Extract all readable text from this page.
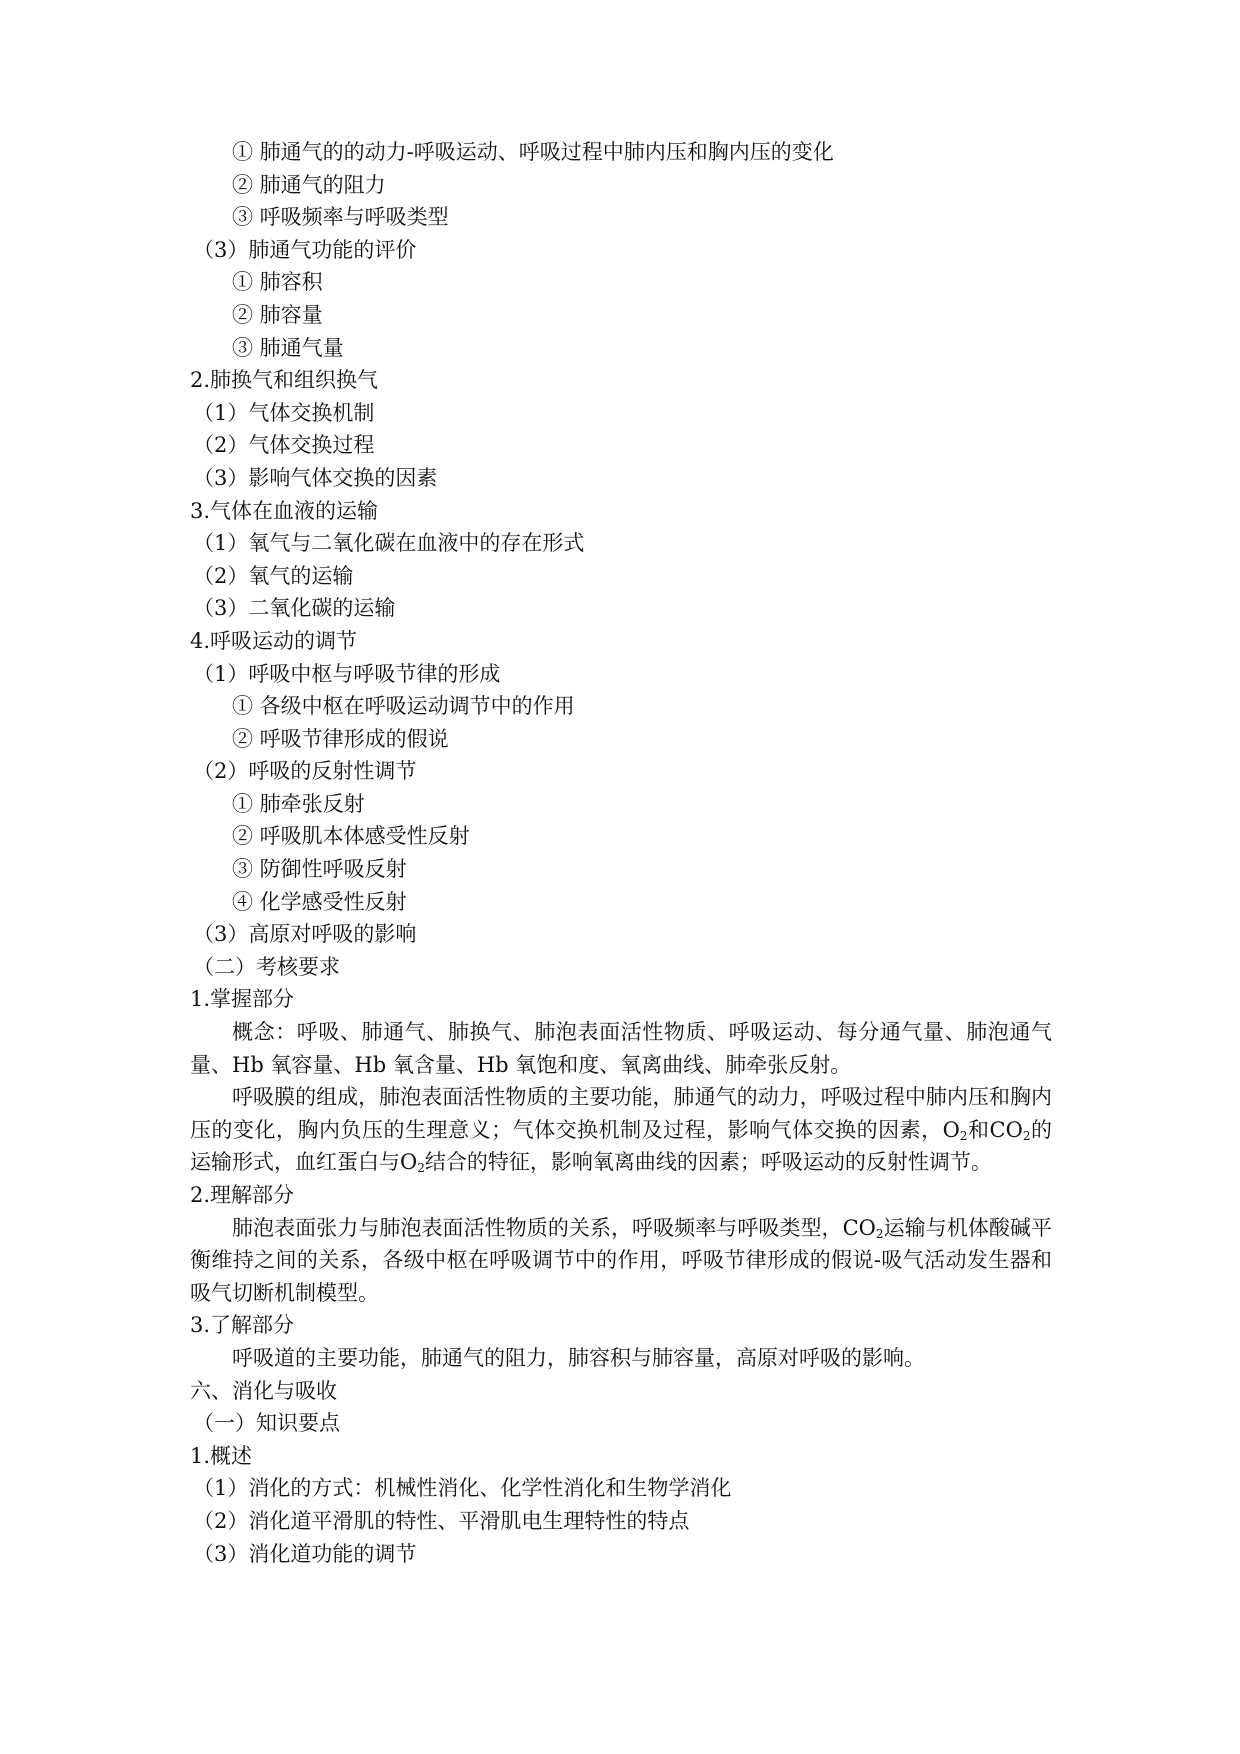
① 肺通气的的动力-呼吸运动、呼吸过程中肺内压和胸内压的变化
② 肺通气的阻力
③ 呼吸频率与呼吸类型
（3）肺通气功能的评价
① 肺容积
② 肺容量
③ 肺通气量
2.肺换气和组织换气
（1）气体交换机制
（2）气体交换过程
（3）影响气体交换的因素
3.气体在血液的运输
（1）氧气与二氧化碳在血液中的存在形式
（2）氧气的运输
（3）二氧化碳的运输
4.呼吸运动的调节
（1）呼吸中枢与呼吸节律的形成
① 各级中枢在呼吸运动调节中的作用
② 呼吸节律形成的假说
（2）呼吸的反射性调节
① 肺牵张反射
② 呼吸肌本体感受性反射
③ 防御性呼吸反射
④ 化学感受性反射
（3）高原对呼吸的影响
（二）考核要求
1.掌握部分
概念：呼吸、肺通气、肺换气、肺泡表面活性物质、呼吸运动、每分通气量、肺泡通气量、Hb 氧容量、Hb 氧含量、Hb 氧饱和度、氧离曲线、肺牵张反射。
呼吸膜的组成，肺泡表面活性物质的主要功能，肺通气的动力，呼吸过程中肺内压和胸内压的变化，胸内负压的生理意义；气体交换机制及过程，影响气体交换的因素，$O_2$和$CO_2$的运输形式，血红蛋白与$O_2$结合的特征，影响氧离曲线的因素；呼吸运动的反射性调节。
2.理解部分
肺泡表面张力与肺泡表面活性物质的关系，呼吸频率与呼吸类型，$CO_2$运输与机体酸碱平衡维持之间的关系，各级中枢在呼吸调节中的作用，呼吸节律形成的假说-吸气活动发生器和吸气切断机制模型。
3.了解部分
呼吸道的主要功能，肺通气的阻力，肺容积与肺容量，高原对呼吸的影响。
六、消化与吸收
（一）知识要点
1.概述
（1）消化的方式：机械性消化、化学性消化和生物学消化
（2）消化道平滑肌的特性、平滑肌电生理特性的特点
（3）消化道功能的调节
